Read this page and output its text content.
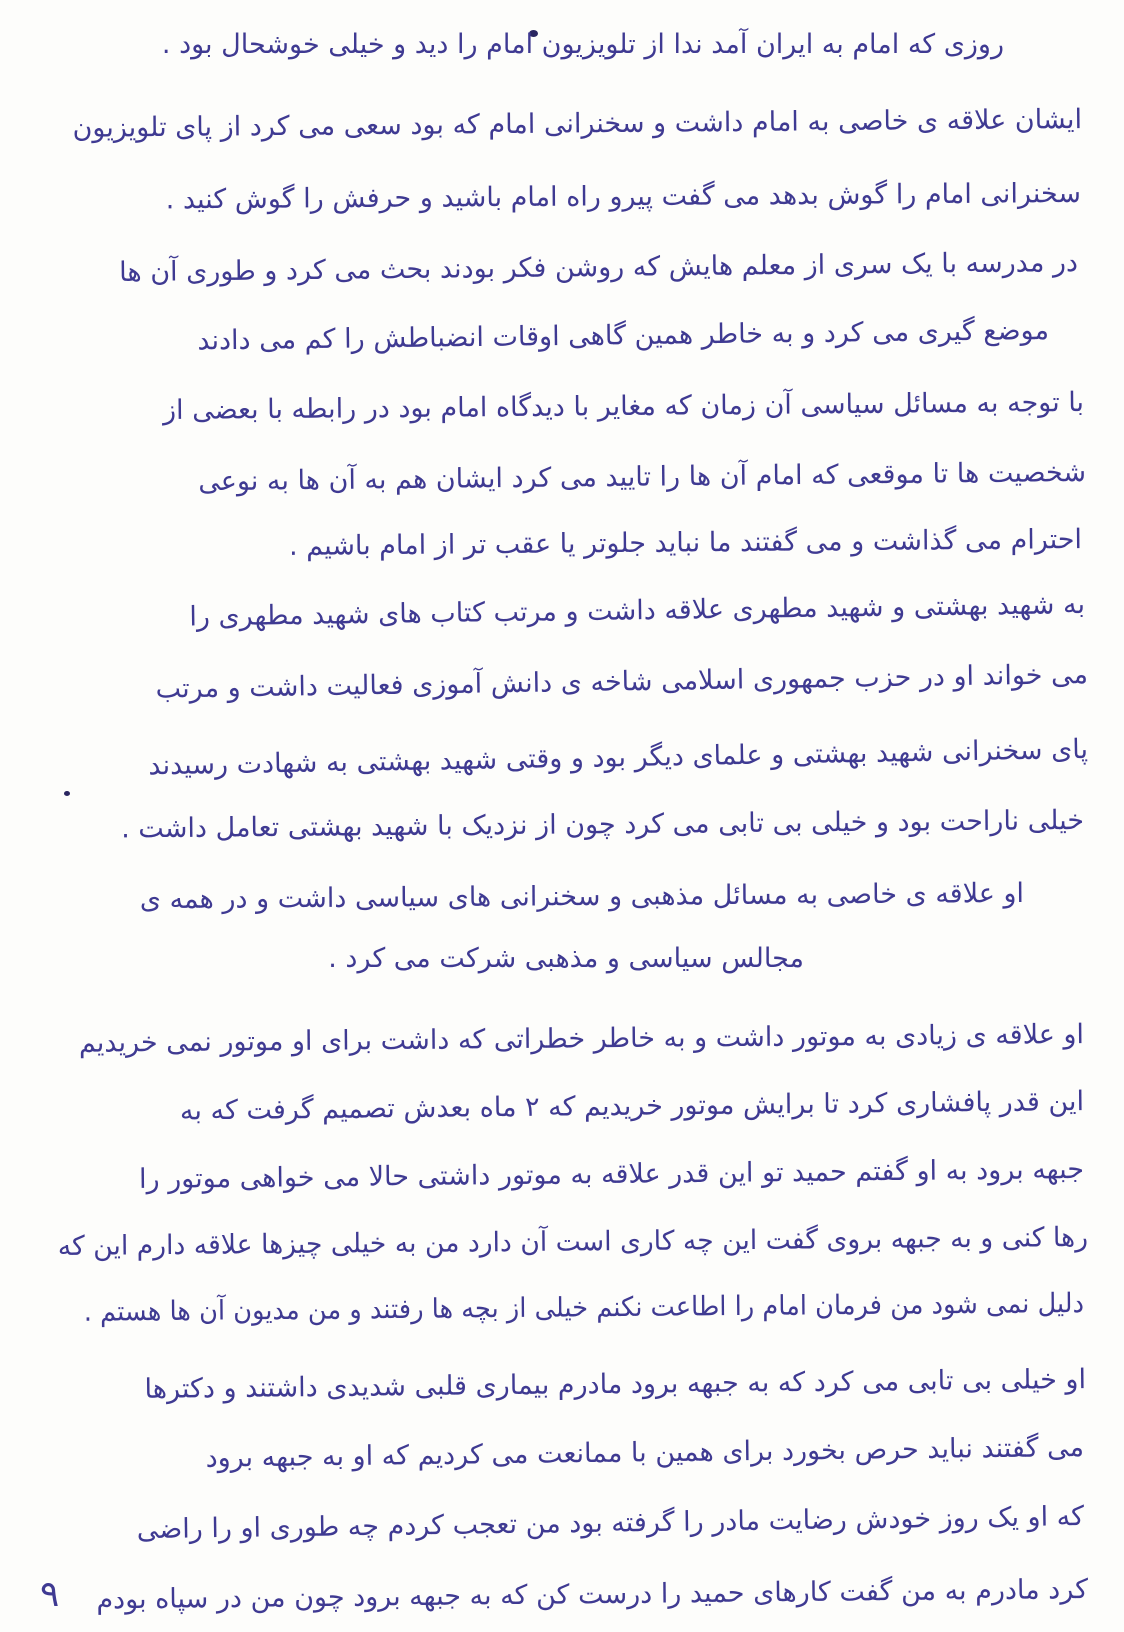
روزی که امام به ایران آمد ندا از تلویزیون امام را دید و خیلی خوشحال بود .
ایشان علاقه ی خاصی به امام داشت و سخنرانی امام که بود سعی می کرد از پای تلویزیون
سخنرانی امام را گوش بدهد می گفت پیرو راه امام باشید و حرفش را گوش کنید .
در مدرسه با یک سری از معلم هایش که روشن فکر بودند بحث می کرد و طوری آن ها
موضع گیری می کرد و به خاطر همین گاهی اوقات انضباطش را کم می دادند
با توجه به مسائل سیاسی آن زمان که مغایر با دیدگاه امام بود در رابطه با بعضی از
شخصیت ها تا موقعی که امام آن ها را تایید می کرد ایشان هم به آن ها به نوعی
احترام می گذاشت و می گفتند ما نباید جلوتر یا عقب تر از امام باشیم .
به شهید بهشتی و شهید مطهری علاقه داشت و مرتب کتاب های شهید مطهری را
می خواند او در حزب جمهوری اسلامی شاخه ی دانش آموزی فعالیت داشت و مرتب
پای سخنرانی شهید بهشتی و علمای دیگر بود و وقتی شهید بهشتی به شهادت رسیدند
خیلی ناراحت بود و خیلی بی تابی می کرد چون از نزدیک با شهید بهشتی تعامل داشت .
او علاقه ی خاصی به مسائل مذهبی و سخنرانی های سیاسی داشت و در همه ی
مجالس سیاسی و مذهبی شرکت می کرد .
او علاقه ی زیادی به موتور داشت و به خاطر خطراتی که داشت برای او موتور نمی خریدیم
این قدر پافشاری کرد تا برایش موتور خریدیم که ۲ ماه بعدش تصمیم گرفت که به
جبهه برود به او گفتم حمید تو این قدر علاقه به موتور داشتی حالا می خواهی موتور را
رها کنی و به جبهه بروی گفت این چه کاری است آن دارد من به خیلی چیزها علاقه دارم این که
دلیل نمی شود من فرمان امام را اطاعت نکنم خیلی از بچه ها رفتند و من مدیون آن ها هستم .
او خیلی بی تابی می کرد که به جبهه برود مادرم بیماری قلبی شدیدی داشتند و دکترها
می گفتند نباید حرص بخورد برای همین با ممانعت می کردیم که او به جبهه برود
که او یک روز خودش رضایت مادر را گرفته بود من تعجب کردم چه طوری او را راضی
کرد مادرم به من گفت کارهای حمید را درست کن که به جبهه برود چون من در سپاه بودم
۹
